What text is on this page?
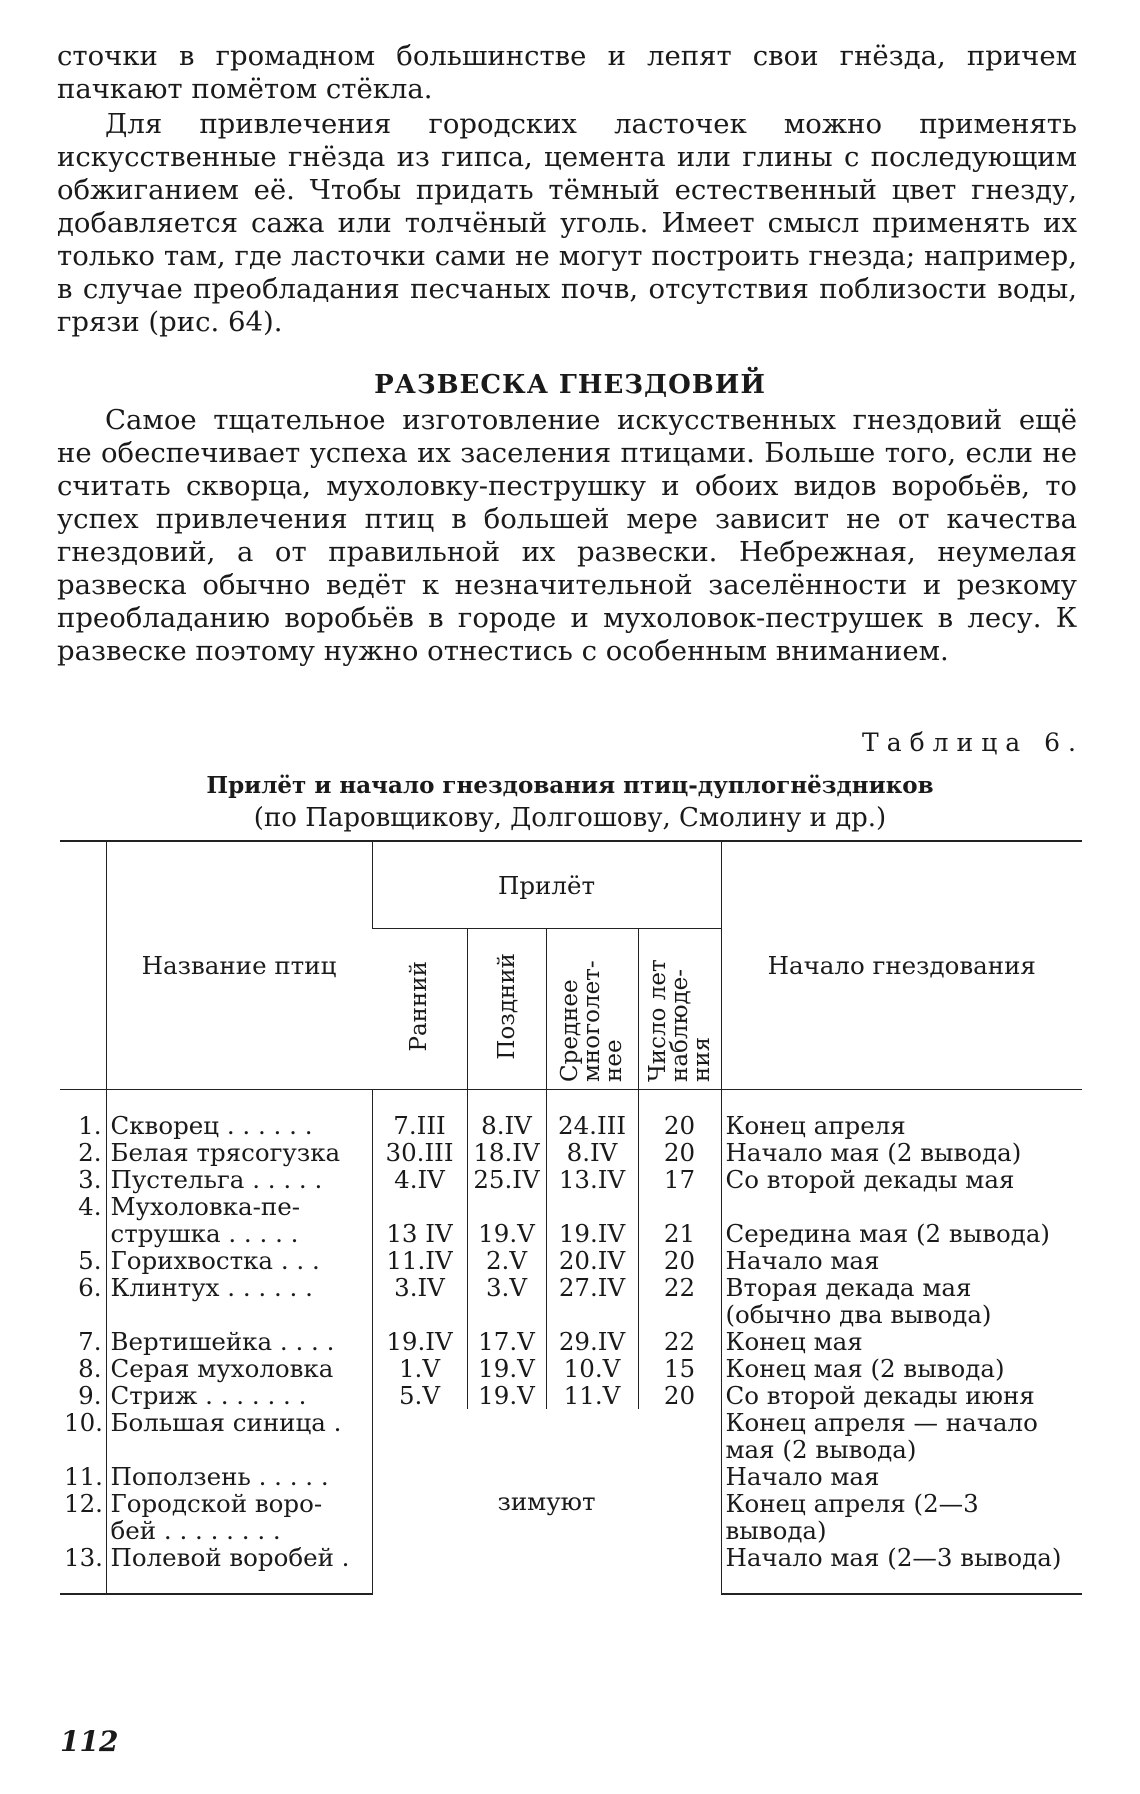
сточки в громадном большинстве и лепят свои гнёзда, причем пачкают помётом стёкла.

Для привлечения городских ласточек можно применять искусственные гнёзда из гипса, цемента или глины с последующим обжиганием её. Чтобы придать тёмный естественный цвет гнезду, добавляется сажа или толчёный уголь. Имеет смысл применять их только там, где ласточки сами не могут построить гнезда; например, в случае преобладания песчаных почв, отсутствия поблизости воды, грязи (рис. 64).

РАЗВЕСКА ГНЕЗДОВИЙ

Самое тщательное изготовление искусственных гнездовий ещё не обеспечивает успеха их заселения птицами. Больше того, если не считать скворца, мухоловку-пеструшку и обоих видов воробьёв, то успех привлечения птиц в большей мере зависит не от качества гнездовий, а от правильной их развески. Небрежная, неумелая развеска обычно ведёт к незначительной заселённости и резкому преобладанию воробьёв в городе и мухоловок-пеструшек в лесу. К развеске поэтому нужно отнестись с особенным вниманием.

Таблица 6.
Прилёт и начало гнездования птиц-дуплогнёздников
(по Паровщикову, Долгошову, Смолину и др.)
	Название птиц	Прилёт				Начало гнездования
		Ранний	Поздний	Среднее многолет- нее	Число лет наблюде- ния	
1.	Скворец . . . . . .	7.III	8.IV	24.III	20	Конец апреля
2.	Белая трясогузка	30.III	18.IV	8.IV	20	Начало мая (2 вывода)
3.	Пустельга . . . . .	4.IV	25.IV	13.IV	17	Со второй декады мая
4.	Мухоловка-пе-
струшка . . . . .	13 IV	19.V	19.IV	21	Середина мая (2 вывода)
5.	Горихвостка . . .	11.IV	2.V	20.IV	20	Начало мая
6.	Клинтух . . . . . .	3.IV	3.V	27.IV	22	Вторая декада мая
(обычно два вывода)
7.	Вертишейка . . . .	19.IV	17.V	29.IV	22	Конец мая
8.	Серая мухоловка	1.V	19.V	10.V	15	Конец мая (2 вывода)
9.	Стриж . . . . . . .	5.V	19.V	11.V	20	Со второй декады июня
10.	Большая синица .	зимуют				Конец апреля — начало мая (2 вывода)
11.	Поползень . . . . .					Начало мая
12.	Городской воро-
бей . . . . . . . .					Конец апреля (2—3 вывода)
13.	Полевой воробей .					Начало мая (2—3 вывода)
112
